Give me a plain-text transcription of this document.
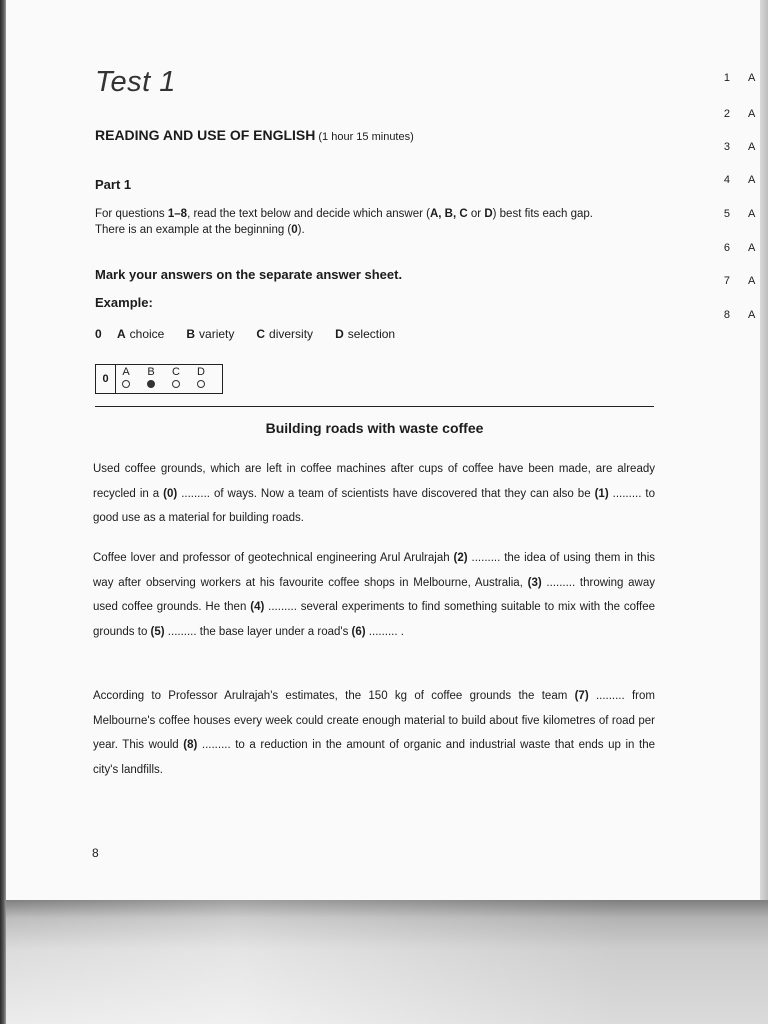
Test 1
READING AND USE OF ENGLISH (1 hour 15 minutes)
Part 1
For questions 1–8, read the text below and decide which answer (A, B, C or D) best fits each gap.
There is an example at the beginning (0).
Mark your answers on the separate answer sheet.
Example:
0	A choice B variety C diversity D selection
0
A B C D
Building roads with waste coffee
Used coffee grounds, which are left in coffee machines after cups of coffee have been made, are already recycled in a (0) ......... of ways. Now a team of scientists have discovered that they can also be (1) ......... to good use as a material for building roads.
Coffee lover and professor of geotechnical engineering Arul Arulrajah (2) ......... the idea of using them in this way after observing workers at his favourite coffee shops in Melbourne, Australia, (3) ......... throwing away used coffee grounds. He then (4) ......... several experiments to find something suitable to mix with the coffee grounds to (5) ......... the base layer under a road's (6) ......... .
According to Professor Arulrajah's estimates, the 150 kg of coffee grounds the team (7) ......... from Melbourne's coffee houses every week could create enough material to build about five kilometres of road per year. This would (8) ......... to a reduction in the amount of organic and industrial waste that ends up in the city's landfills.
8
1 A
2 A
3 A
4 A
5 A
6 A
7 A
8 A
